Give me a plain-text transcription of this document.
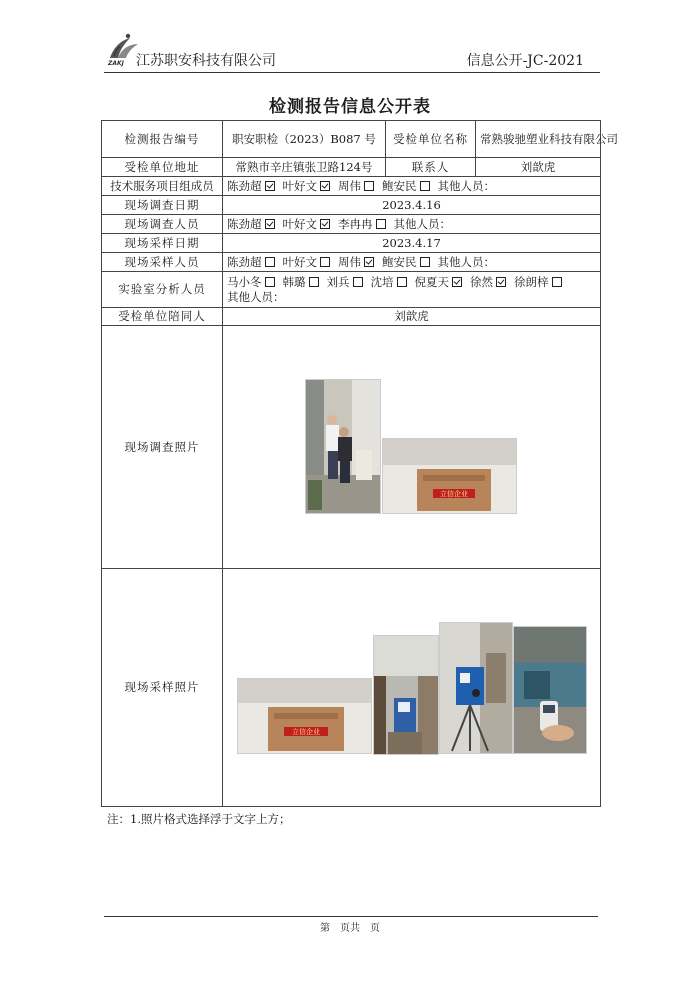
ZAKJ 江苏职安科技有限公司	信息公开-JC-2021
检测报告信息公开表
检测报告编号	职安职检（2023）B087 号	受检单位名称	常熟骏驰塑业科技有限公司
受检单位地址	常熟市辛庄镇张卫路124号	联系人	刘歆虎
技术服务项目组成员	陈劲超 叶好文 周伟 鲍安民 其他人员：		
现场调查日期	2023.4.16		
现场调查人员	陈劲超 叶好文 李冉冉 其他人员：		
现场采样日期	2023.4.17		
现场采样人员	陈劲超 叶好文 周伟 鲍安民 其他人员：		
实验室分析人员	马小冬 韩璐 刘兵 沈培 倪夏天 徐然 徐朗梓
其他人员：		
受检单位陪同人	刘歆虎		
现场调查照片	立信企业		

现场采样照片	立信企业		
注：1.照片格式选择浮于文字上方；
第　页共　页
